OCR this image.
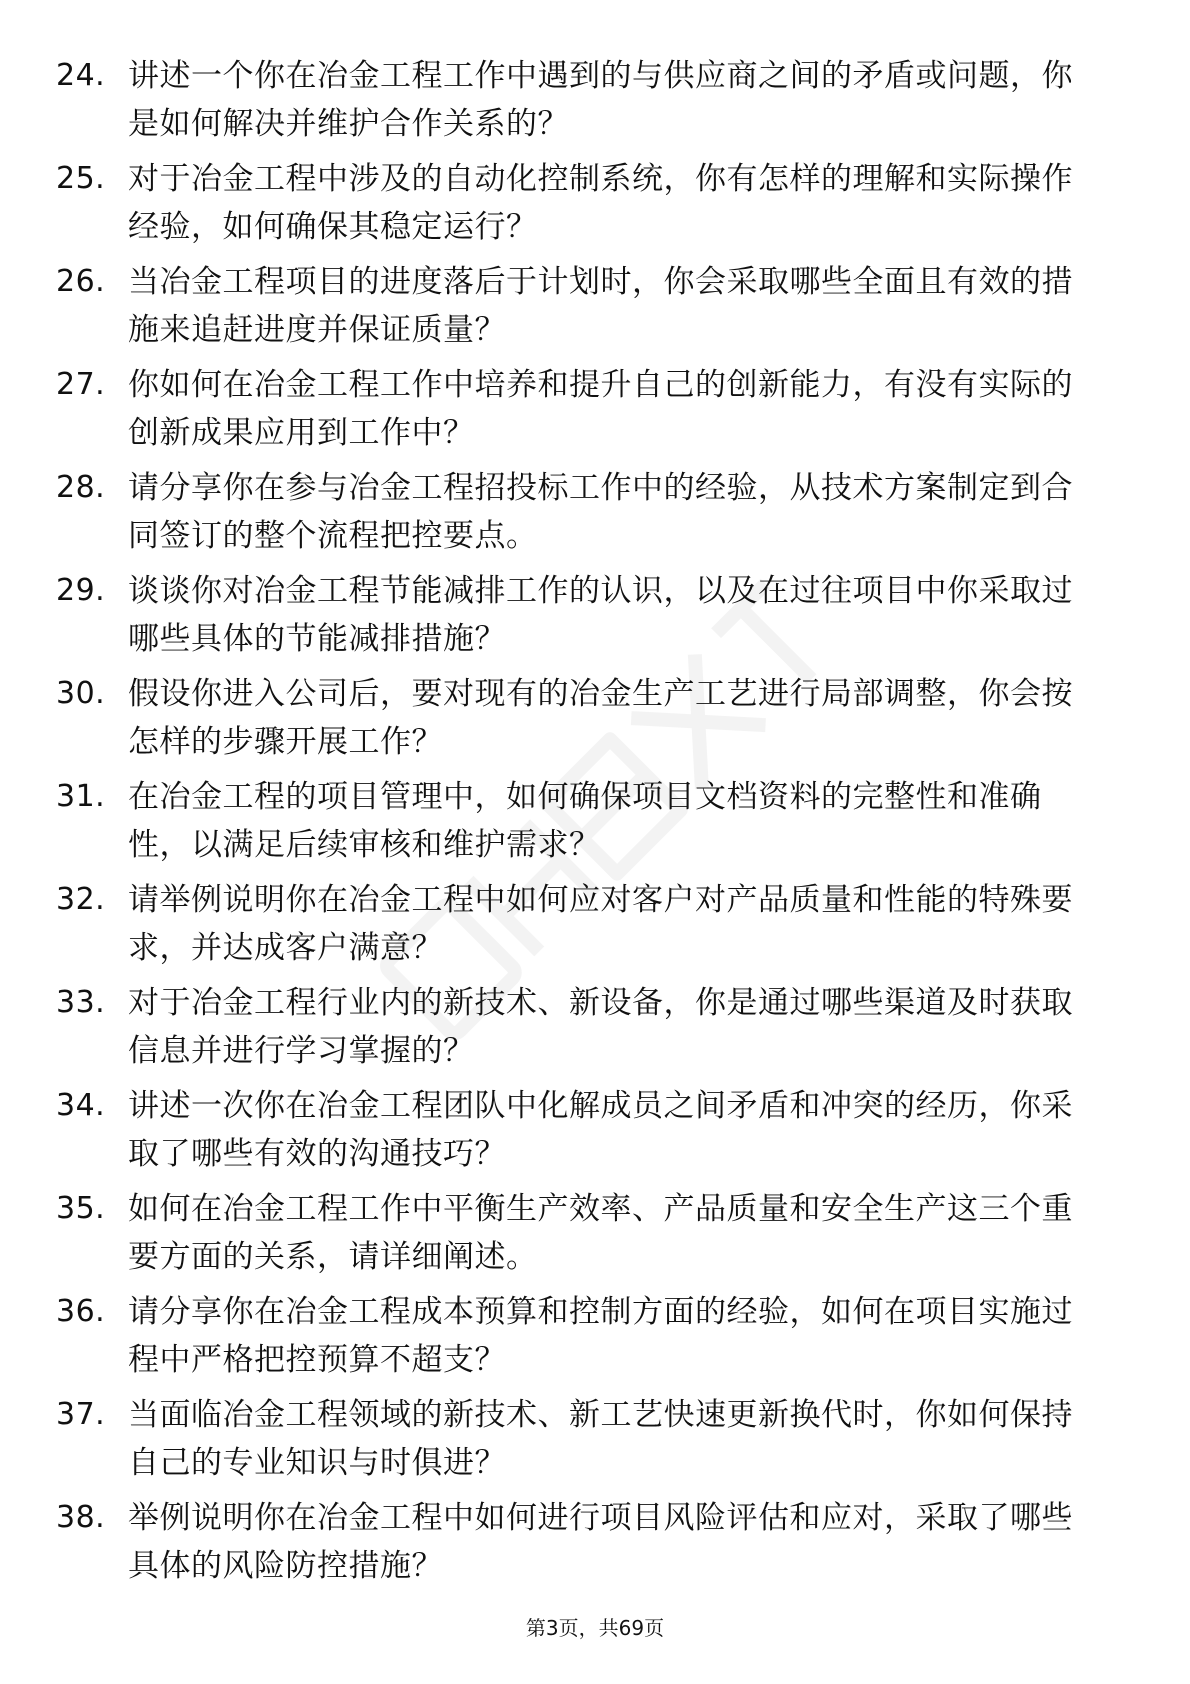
24. 讲述一个你在冶金工程工作中遇到的与供应商之间的矛盾或问题，你是如何解决并维护合作关系的？
25. 对于冶金工程中涉及的自动化控制系统，你有怎样的理解和实际操作经验，如何确保其稳定运行？
26. 当冶金工程项目的进度落后于计划时，你会采取哪些全面且有效的措施来追赶进度并保证质量？
27. 你如何在冶金工程工作中培养和提升自己的创新能力，有没有实际的创新成果应用到工作中？
28. 请分享你在参与冶金工程招投标工作中的经验，从技术方案制定到合同签订的整个流程把控要点。
29. 谈谈你对冶金工程节能减排工作的认识，以及在过往项目中你采取过哪些具体的节能减排措施？
30. 假设你进入公司后，要对现有的冶金生产工艺进行局部调整，你会按怎样的步骤开展工作？
31. 在冶金工程的项目管理中，如何确保项目文档资料的完整性和准确性，以满足后续审核和维护需求？
32. 请举例说明你在冶金工程中如何应对客户对产品质量和性能的特殊要求，并达成客户满意？
33. 对于冶金工程行业内的新技术、新设备，你是通过哪些渠道及时获取信息并进行学习掌握的？
34. 讲述一次你在冶金工程团队中化解成员之间矛盾和冲突的经历，你采取了哪些有效的沟通技巧？
35. 如何在冶金工程工作中平衡生产效率、产品质量和安全生产这三个重要方面的关系，请详细阐述。
36. 请分享你在冶金工程成本预算和控制方面的经验，如何在项目实施过程中严格把控预算不超支？
37. 当面临冶金工程领域的新技术、新工艺快速更新换代时，你如何保持自己的专业知识与时俱进？
38. 举例说明你在冶金工程中如何进行项目风险评估和应对，采取了哪些具体的风险防控措施？
第3页，共69页
